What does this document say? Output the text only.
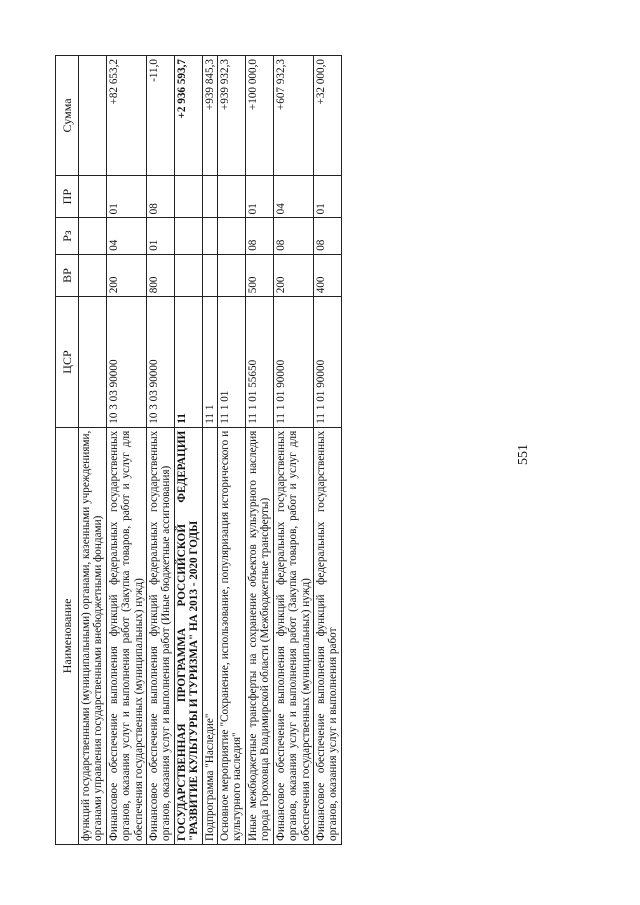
551
Наименование	ЦСР	ВР	Рз	ПР	Сумма
функций государственными (муниципальными) органами, казенными учреждениями, органами управления государственными внебюджетными фондами)					
Финансовое обеспечение выполнения функций федеральных государственных органов, оказания услуг и выполнения работ (Закупка товаров, работ и услуг для обеспечения государственных (муниципальных) нужд)	10 3 03 90000	200	04	01	+82 653,2
Финансовое обеспечение выполнения функций федеральных государственных органов, оказания услуг и выполнения работ (Иные бюджетные ассигнования)	10 3 03 90000	800	01	08	-11,0
ГОСУДАРСТВЕННАЯ ПРОГРАММА РОССИЙСКОЙ ФЕДЕРАЦИИ "РАЗВИТИЕ КУЛЬТУРЫ И ТУРИЗМА" НА 2013 - 2020 ГОДЫ	11				+2 936 593,7
Подпрограмма "Наследие"	11 1				+939 845,3
Основное мероприятие "Сохранение, использование, популяризация исторического и культурного наследия"	11 1 01				+939 932,3
Иные межбюджетные трансферты на сохранение объектов культурного наследия города Гороховца Владимирской области (Межбюджетные трансферты)	11 1 01 55650	500	08	01	+100 000,0
Финансовое обеспечение выполнения функций федеральных государственных органов, оказания услуг и выполнения работ (Закупка товаров, работ и услуг для обеспечения государственных (муниципальных) нужд)	11 1 01 90000	200	08	04	+607 932,3
Финансовое обеспечение выполнения функций федеральных государственных органов, оказания услуг и выполнения работ	11 1 01 90000	400	08	01	+32 000,0
